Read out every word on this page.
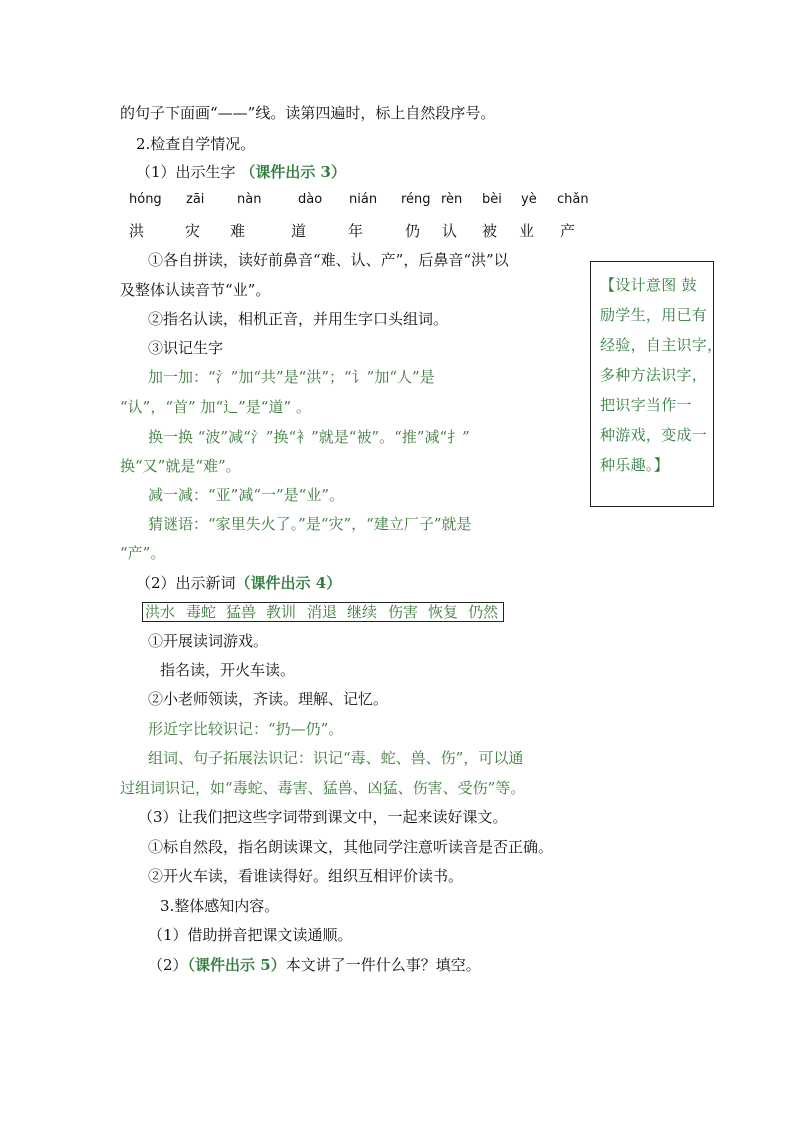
的句子下面画“——”线。读第四遍时，标上自然段序号。
2.检查自学情况。
（1）出示生字 （课件出示 3）
hóng zāi	nàn	dào nián réng rèn bèi yè chǎn
洪	灾 难	道	年	仍 认 被 业 产
①各自拼读，读好前鼻音“难、认、产”，后鼻音“洪”以
及整体认读音节“业”。
②指名认读，相机正音，并用生字口头组词。
③识记生字
加一加：“氵”加“共”是“洪”；“讠”加“人”是
“认”，“首” 加“辶”是“道” 。
换一换 “波”减“氵”换“衤”就是“被”。“推”减“扌”
换“又”就是“难”。
减一减：“亚”减“一”是“业”。
猜谜语：“家里失火了。”是“灾”，“建立厂子”就是
“产”。
（2）出示新词（课件出示 4）
洪水 毒蛇 猛兽 教训 消退 继续 伤害 恢复 仍然
①开展读词游戏。
指名读，开火车读。
②小老师领读，齐读。理解、记忆。
形近字比较识记：“扔—仍”。
组词、句子拓展法识记：识记“毒、蛇、兽、伤”，可以通
过组词识记，如“毒蛇、毒害、猛兽、凶猛、伤害、受伤”等。
（3）让我们把这些字词带到课文中，一起来读好课文。
①标自然段，指名朗读课文，其他同学注意听读音是否正确。
②开火车读，看谁读得好。组织互相评价读书。
3.整体感知内容。
（1）借助拼音把课文读通顺。
（2）（课件出示 5）本文讲了一件什么事？填空。
【设计意图 鼓
励学生，用已有
经验，自主识字，
多种方法识字，
把识字当作一
种游戏，变成一
种乐趣。】
